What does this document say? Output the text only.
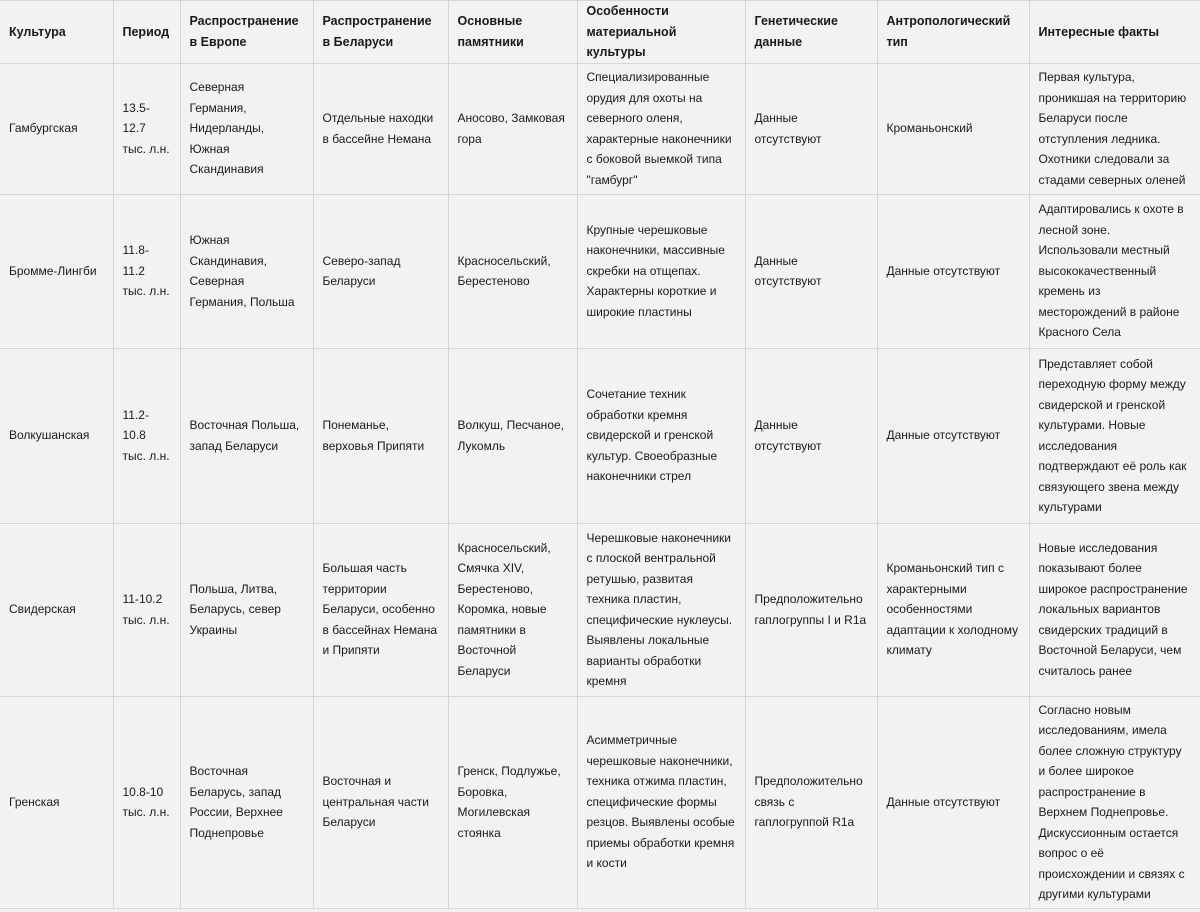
Культура	Период	Распространение в Европе	Распространение в Беларуси	Основные памятники	Особенности материальной культуры	Генетические данные	Антропологический тип	Интересные факты
Гамбургская	13.5-12.7 тыс. л.н.	Северная Германия, Нидерланды, Южная Скандинавия	Отдельные находки в бассейне Немана	Аносово, Замковая гора	Специализированные орудия для охоты на северного оленя, характерные наконечники с боковой выемкой типа "гамбург"	Данные отсутствуют	Кроманьонский	Первая культура, проникшая на территорию Беларуси после отступления ледника. Охотники следовали за стадами северных оленей
Бромме-Лингби	11.8-11.2 тыс. л.н.	Южная Скандинавия, Северная Германия, Польша	Северо-запад Беларуси	Красносельский, Берестеново	Крупные черешковые наконечники, массивные скребки на отщепах. Характерны короткие и широкие пластины	Данные отсутствуют	Данные отсутствуют	Адаптировались к охоте в лесной зоне. Использовали местный высококачественный кремень из месторождений в районе Красного Села
Волкушанская	11.2-10.8 тыс. л.н.	Восточная Польша, запад Беларуси	Понеманье, верховья Припяти	Волкуш, Песчаное, Лукомль	Сочетание техник обработки кремня свидерской и гренской культур. Своеобразные наконечники стрел	Данные отсутствуют	Данные отсутствуют	Представляет собой переходную форму между свидерской и гренской культурами. Новые исследования подтверждают её роль как связующего звена между культурами
Свидерская	11-10.2 тыс. л.н.	Польша, Литва, Беларусь, север Украины	Большая часть территории Беларуси, особенно в бассейнах Немана и Припяти	Красносельский, Смячка XIV, Берестеново, Коромка, новые памятники в Восточной Беларуси	Черешковые наконечники с плоской вентральной ретушью, развитая техника пластин, специфические нуклеусы. Выявлены локальные варианты обработки кремня	Предположительно гаплогруппы I и R1a	Кроманьонский тип с характерными особенностями адаптации к холодному климату	Новые исследования показывают более широкое распространение локальных вариантов свидерских традиций в Восточной Беларуси, чем считалось ранее
Гренская	10.8-10 тыс. л.н.	Восточная Беларусь, запад России, Верхнее Поднепровье	Восточная и центральная части Беларуси	Гренск, Подлужье, Боровка, Могилевская стоянка	Асимметричные черешковые наконечники, техника отжима пластин, специфические формы резцов. Выявлены особые приемы обработки кремня и кости	Предположительно связь с гаплогруппой R1a	Данные отсутствуют	Согласно новым исследованиям, имела более сложную структуру и более широкое распространение в Верхнем Поднепровье. Дискуссионным остается вопрос о её происхождении и связях с другими культурами
